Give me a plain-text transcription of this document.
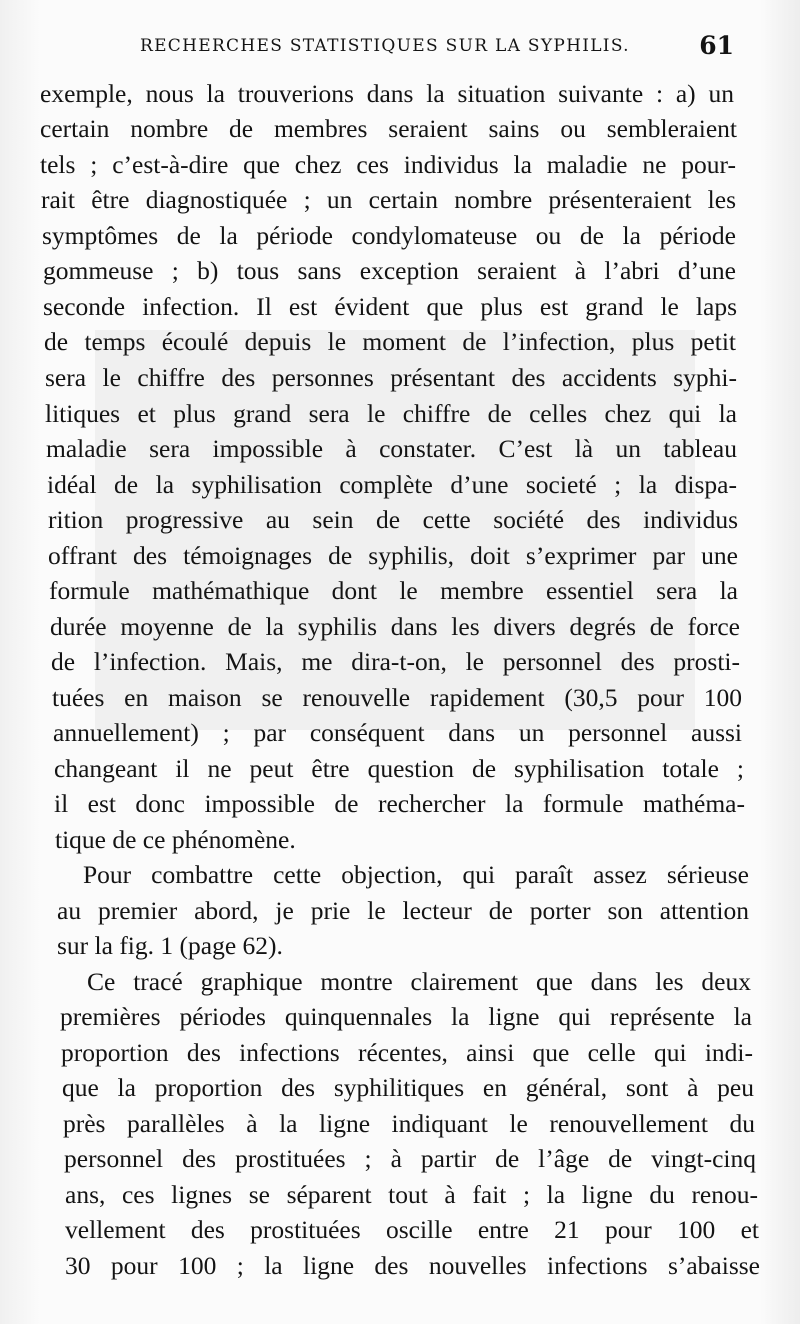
RECHERCHES STATISTIQUES SUR LA SYPHILIS.	61
exemple, nous la trouverions dans la situation suivante : a) un
certain nombre de membres seraient sains ou sembleraient
tels ; c’est-à-dire que chez ces individus la maladie ne pour-
rait être diagnostiquée ; un certain nombre présenteraient les
symptômes de la période condylomateuse ou de la période
gommeuse ; b) tous sans exception seraient à l’abri d’une
seconde infection. Il est évident que plus est grand le laps
de temps écoulé depuis le moment de l’infection, plus petit
sera le chiffre des personnes présentant des accidents syphi-
litiques et plus grand sera le chiffre de celles chez qui la
maladie sera impossible à constater. C’est là un tableau
idéal de la syphilisation complète d’une societé ; la dispa-
rition progressive au sein de cette société des individus
offrant des témoignages de syphilis, doit s’exprimer par une
formule mathémathique dont le membre essentiel sera la
durée moyenne de la syphilis dans les divers degrés de force
de l’infection. Mais, me dira-t-on, le personnel des prosti-
tuées en maison se renouvelle rapidement (30,5 pour 100
annuellement) ; par conséquent dans un personnel aussi
changeant il ne peut être question de syphilisation totale ;
il est donc impossible de rechercher la formule mathéma-
tique de ce phénomène.
Pour combattre cette objection, qui paraît assez sérieuse
au premier abord, je prie le lecteur de porter son attention
sur la fig. 1 (page 62).
Ce tracé graphique montre clairement que dans les deux
premières périodes quinquennales la ligne qui représente la
proportion des infections récentes, ainsi que celle qui indi-
que la proportion des syphilitiques en général, sont à peu
près parallèles à la ligne indiquant le renouvellement du
personnel des prostituées ; à partir de l’âge de vingt-cinq
ans, ces lignes se séparent tout à fait ; la ligne du renou-
vellement des prostituées oscille entre 21 pour 100 et
30 pour 100 ; la ligne des nouvelles infections s’abaisse
